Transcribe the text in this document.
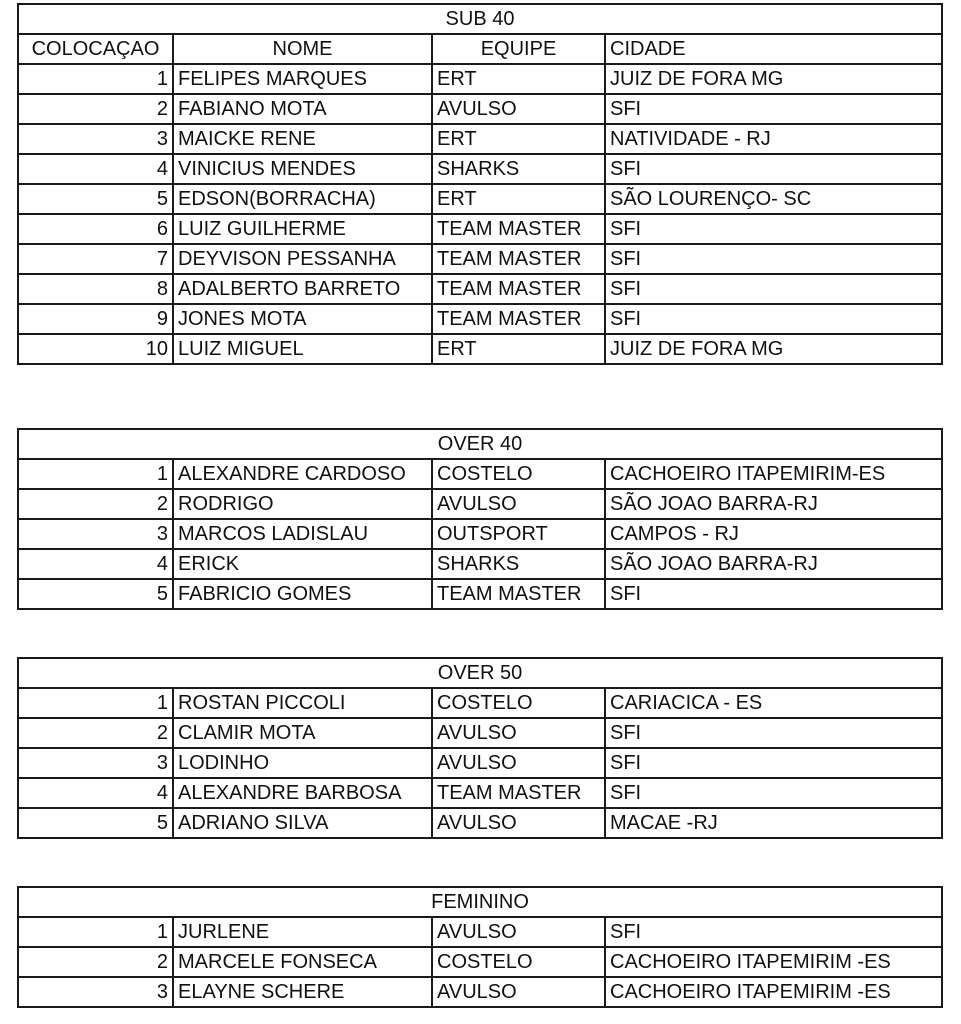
SUB 40			
COLOCAÇAO	NOME	EQUIPE	CIDADE
1	FELIPES MARQUES	ERT	JUIZ DE FORA MG
2	FABIANO MOTA	AVULSO	SFI
3	MAICKE RENE	ERT	NATIVIDADE - RJ
4	VINICIUS MENDES	SHARKS	SFI
5	EDSON(BORRACHA)	ERT	SÃO LOURENÇO- SC
6	LUIZ GUILHERME	TEAM MASTER	SFI
7	DEYVISON PESSANHA	TEAM MASTER	SFI
8	ADALBERTO BARRETO	TEAM MASTER	SFI
9	JONES MOTA	TEAM MASTER	SFI
10	LUIZ MIGUEL	ERT	JUIZ DE FORA MG
OVER 40			
1	ALEXANDRE CARDOSO	COSTELO	CACHOEIRO ITAPEMIRIM-ES
2	RODRIGO	AVULSO	SÃO JOAO BARRA-RJ
3	MARCOS LADISLAU	OUTSPORT	CAMPOS - RJ
4	ERICK	SHARKS	SÃO JOAO BARRA-RJ
5	FABRICIO GOMES	TEAM MASTER	SFI
OVER 50			
1	ROSTAN PICCOLI	COSTELO	CARIACICA - ES
2	CLAMIR MOTA	AVULSO	SFI
3	LODINHO	AVULSO	SFI
4	ALEXANDRE BARBOSA	TEAM MASTER	SFI
5	ADRIANO SILVA	AVULSO	MACAE -RJ
FEMININO			
1	JURLENE	AVULSO	SFI
2	MARCELE FONSECA	COSTELO	CACHOEIRO ITAPEMIRIM -ES
3	ELAYNE SCHERE	AVULSO	CACHOEIRO ITAPEMIRIM -ES
